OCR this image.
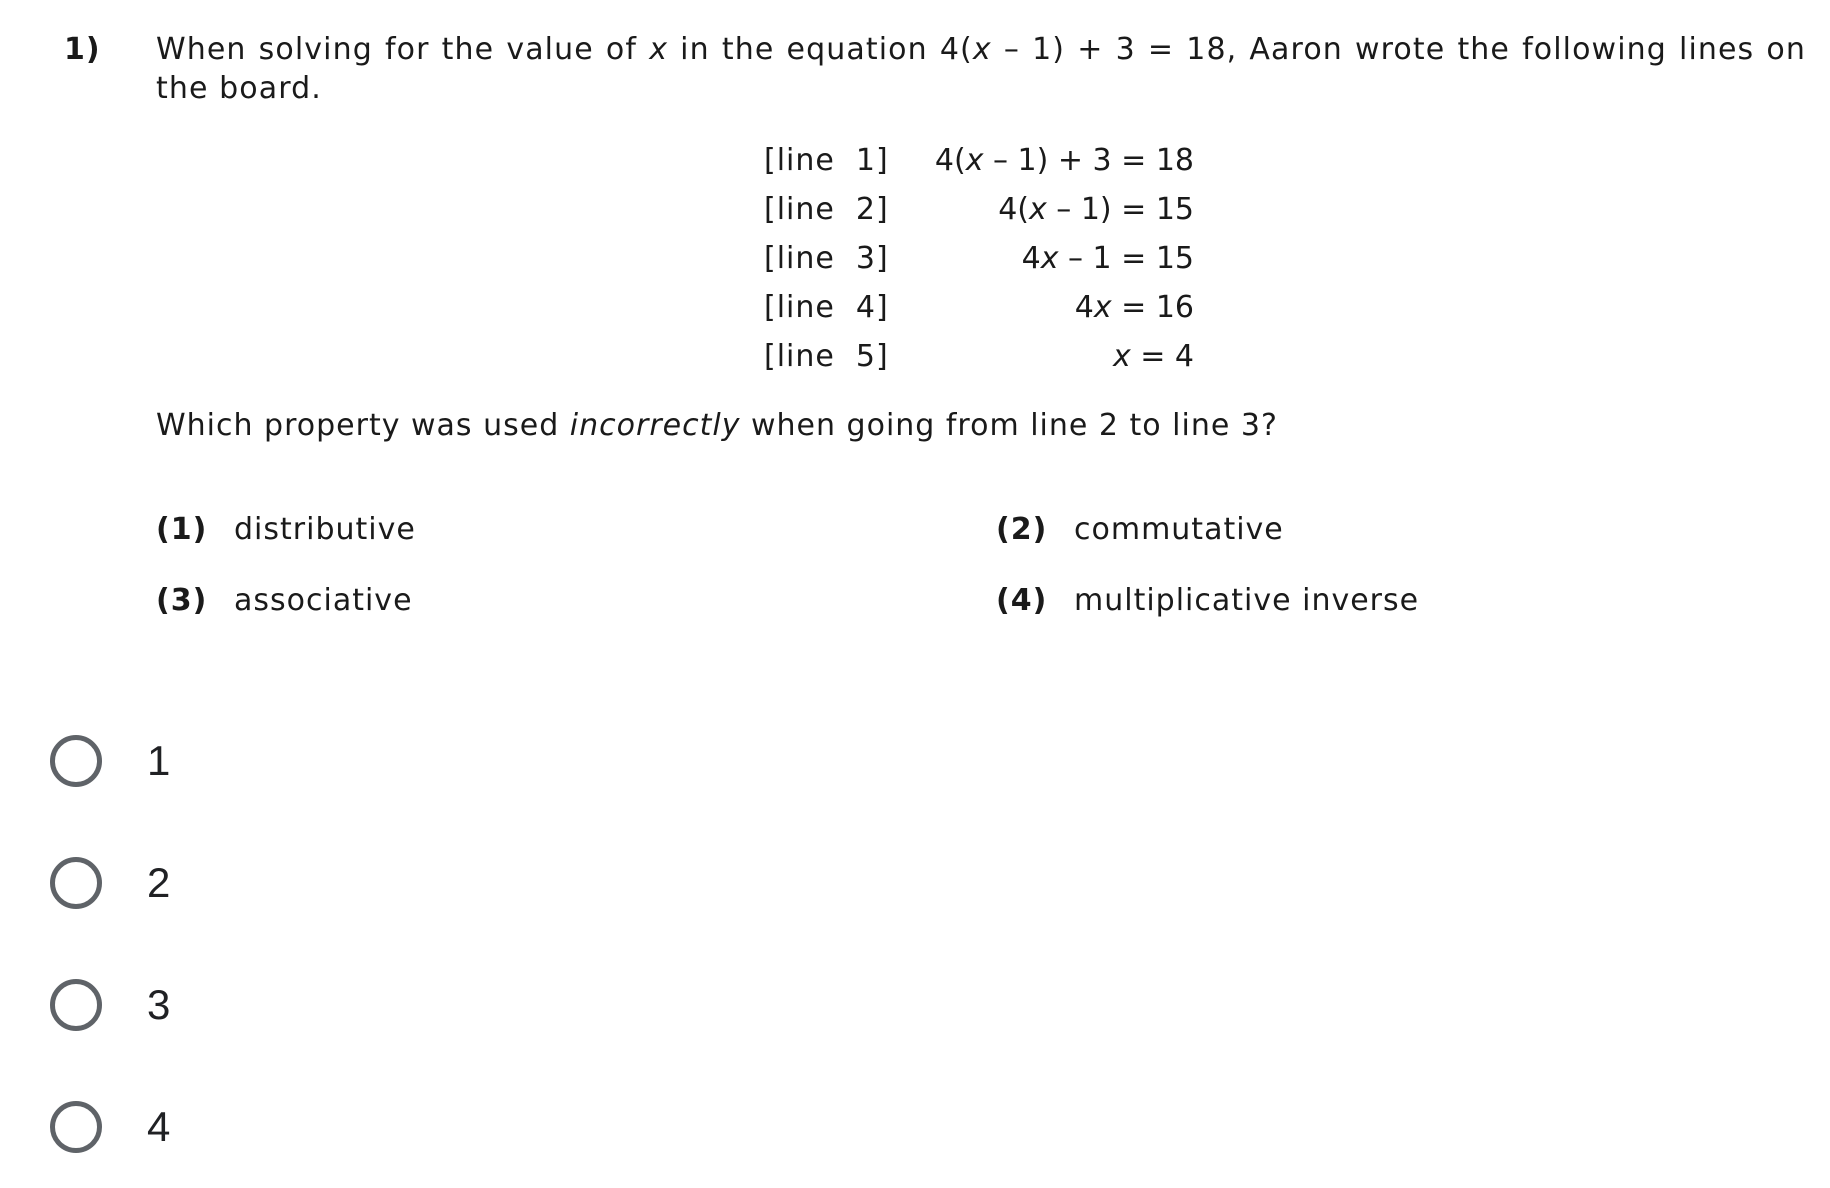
1) When solving for the value of x in the equation 4(x – 1) + 3 = 18, Aaron wrote the following lines on the board.
[line  1]	4(x – 1) + 3 = 18
[line  2]	4(x – 1) = 15
[line  3]	4x – 1 = 15
[line  4]	4x = 16
[line  5]	x = 4
Which property was used incorrectly when going from line 2 to line 3?
(1) distributive	(2) commutative
(3) associative	(4) multiplicative inverse
1
2
3
4
